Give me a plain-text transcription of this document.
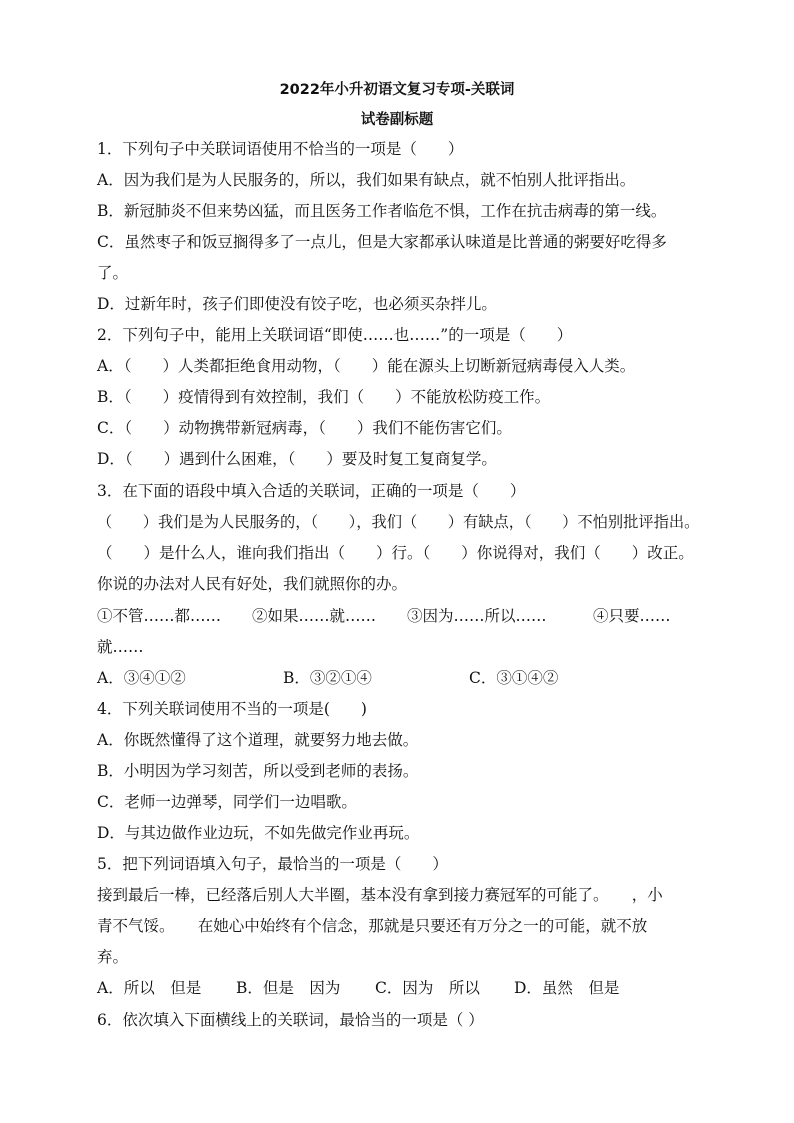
2022年小升初语文复习专项-关联词
试卷副标题
1．下列句子中关联词语使用不恰当的一项是（　　）
A．因为我们是为人民服务的，所以，我们如果有缺点，就不怕别人批评指出。
B．新冠肺炎不但来势凶猛，而且医务工作者临危不惧，工作在抗击病毒的第一线。
C．虽然枣子和饭豆搁得多了一点儿，但是大家都承认味道是比普通的粥要好吃得多
了。
D．过新年时，孩子们即使没有饺子吃，也必须买杂拌儿。
2．下列句子中，能用上关联词语“即使……也……”的一项是（　　）
A．（　　）人类都拒绝食用动物，（　　）能在源头上切断新冠病毒侵入人类。
B．（　　）疫情得到有效控制，我们（　　）不能放松防疫工作。
C．（　　）动物携带新冠病毒，（　　）我们不能伤害它们。
D．（　　）遇到什么困难，（　　）要及时复工复商复学。
3．在下面的语段中填入合适的关联词，正确的一项是（　　）
（　　）我们是为人民服务的，（　　），我们（　　）有缺点，（　　）不怕别批评指出。
（　　）是什么人，谁向我们指出（　　）行。（　　）你说得对，我们（　　）改正。
你说的办法对人民有好处，我们就照你的办。
①不管……都……　　②如果……就……　　③因为……所以……　　　④只要……
就……
A．③④①②	B．③②①④	C．③①④②
4．下列关联词使用不当的一项是(　　)
A．你既然懂得了这个道理，就要努力地去做。
B．小明因为学习刻苦，所以受到老师的表扬。
C．老师一边弹琴，同学们一边唱歌。
D．与其边做作业边玩，不如先做完作业再玩。
5．把下列词语填入句子，最恰当的一项是（　　）
接到最后一棒，已经落后别人大半圈，基本没有拿到接力赛冠军的可能了。　　，小
青不气馁。　　在她心中始终有个信念，那就是只要还有万分之一的可能，就不放
弃。
A．所以　但是 B．但是　因为 C．因为　所以 D．虽然　但是
6．依次填入下面横线上的关联词，最恰当的一项是（ ）
